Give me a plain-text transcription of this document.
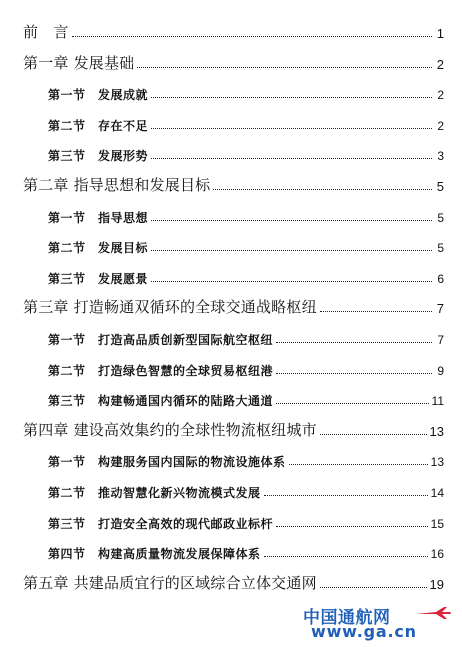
前　言	1
第一章 发展基础	2
第一节　发展成就	2
第二节　存在不足	2
第三节　发展形势	3
第二章 指导思想和发展目标	5
第一节　指导思想	5
第二节　发展目标	5
第三节　发展愿景	6
第三章 打造畅通双循环的全球交通战略枢纽	7
第一节　打造高品质创新型国际航空枢纽	7
第二节　打造绿色智慧的全球贸易枢纽港	9
第三节　构建畅通国内循环的陆路大通道	11
第四章 建设高效集约的全球性物流枢纽城市	13
第一节　构建服务国内国际的物流设施体系	13
第二节　推动智慧化新兴物流模式发展	14
第三节　打造安全高效的现代邮政业标杆	15
第四节　构建高质量物流发展保障体系	16
第五章 共建品质宜行的区域综合立体交通网	19
中国通航网
www.ga.cn
